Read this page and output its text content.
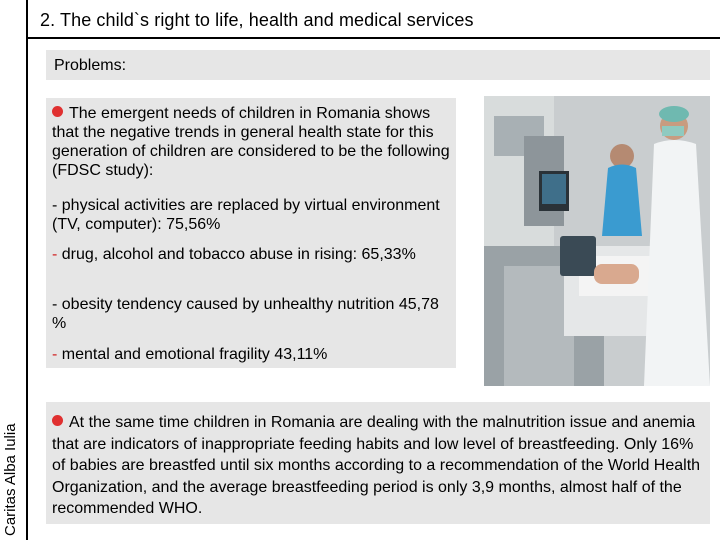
Caritas Alba Iulia
2. The child`s right to life, health and medical services
Problems:
The emergent needs of children in Romania shows that the negative trends in general health state for this generation of children are considered to be the following (FDSC study):
- physical activities are replaced by virtual environment (TV, computer): 75,56%
- drug, alcohol and tobacco abuse in rising: 65,33%
- obesity tendency caused by unhealthy nutrition 45,78 %
- mental and emotional fragility 43,11%
At the same time children in Romania are dealing with the malnutrition issue and anemia that are indicators of inappropriate feeding habits and low level of breastfeeding. Only 16% of babies are breastfed until six months according to a recommendation of the World Health Organization, and the average breastfeeding period is only 3,9 months, almost half of the recommended WHO.
